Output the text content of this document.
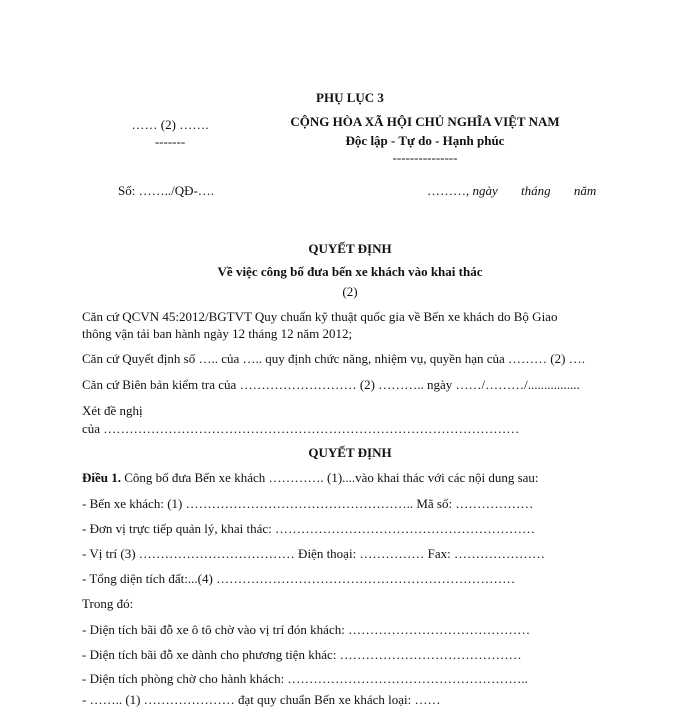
PHỤ LỤC 3
…… (2) …….
-------
CỘNG HÒA XÃ HỘI CHỦ NGHĨA VIỆT NAM
Độc lập - Tự do - Hạnh phúc
---------------
Số: ……../QĐ-….	………, ngày tháng năm
QUYẾT ĐỊNH
Về việc công bố đưa bến xe khách vào khai thác
(2)
Căn cứ QCVN 45:2012/BGTVT Quy chuẩn kỹ thuật quốc gia về Bến xe khách do Bộ Giao
thông vận tải ban hành ngày 12 tháng 12 năm 2012;
Căn cứ Quyết định số ….. của ….. quy định chức năng, nhiệm vụ, quyền hạn của ……… (2) ….
Căn cứ Biên bản kiểm tra của ……………………… (2) ……….. ngày ……/………/................
Xét đề nghị
của ……………………………………………………………………………………
QUYẾT ĐỊNH
Điều 1. Công bố đưa Bến xe khách …………. (1)....vào khai thác với các nội dung sau:
- Bến xe khách: (1) …………………………………………….. Mã số: ………………
- Đơn vị trực tiếp quản lý, khai thác: ……………………………………………………
- Vị trí (3) ……………………………… Điện thoại: …………… Fax: …………………
- Tổng diện tích đất:...(4) ……………………………………………………………
Trong đó:
- Diện tích bãi đỗ xe ô tô chờ vào vị trí đón khách: ……………………………………
- Diện tích bãi đỗ xe dành cho phương tiện khác: ……………………………………
- Diện tích phòng chờ cho hành khách: ………………………………………………..
- …….. (1) ………………… đạt quy chuẩn Bến xe khách loại: ……
